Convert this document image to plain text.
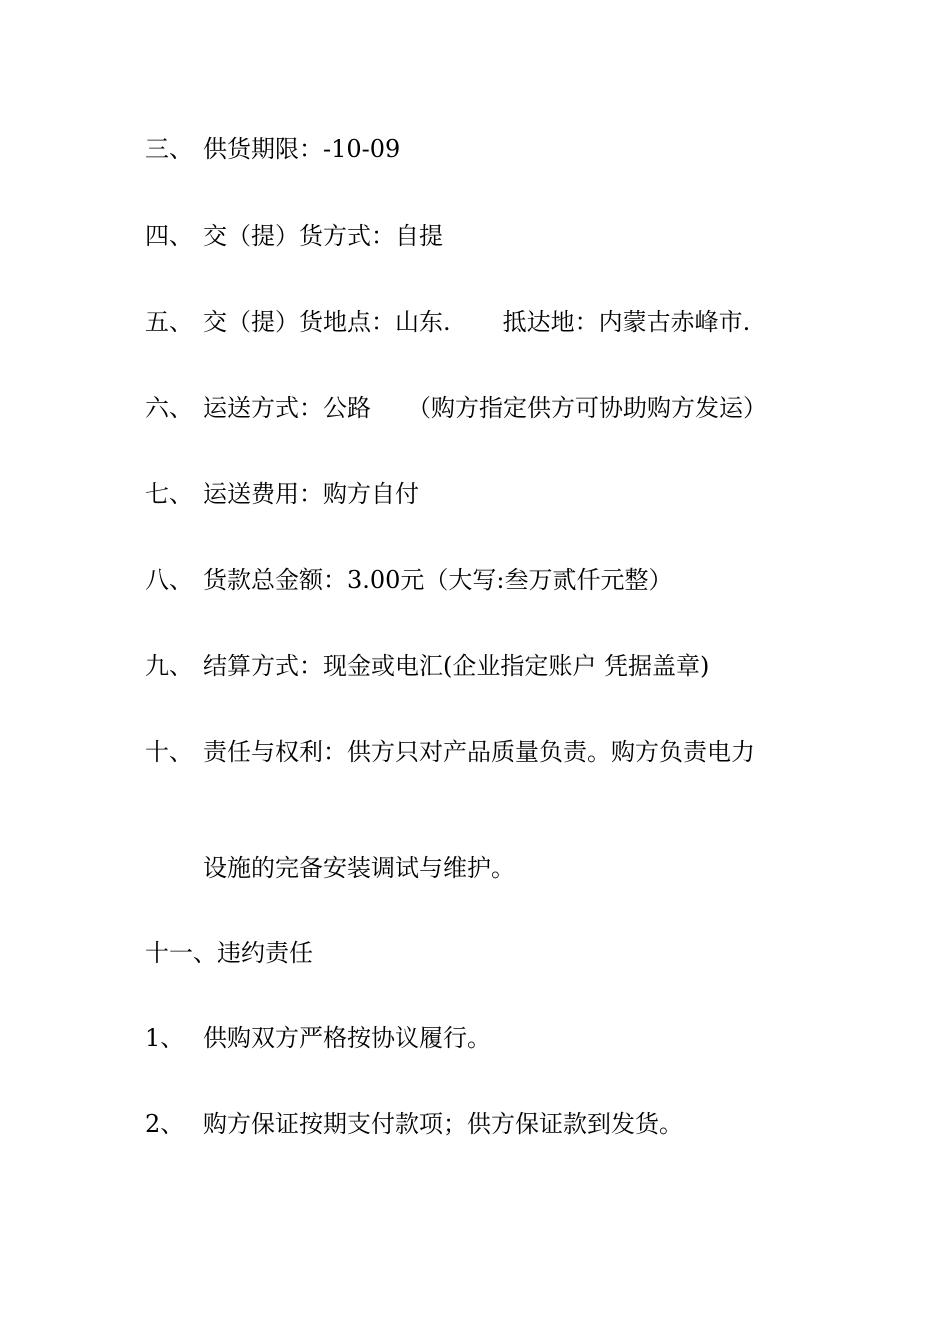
三、 供货期限：-10-09
四、 交（提）货方式：自提
五、 交（提）货地点：山东. 抵达地：内蒙古赤峰市.
六、 运送方式：公路 （购方指定供方可协助购方发运）
七、 运送费用：购方自付
八、 货款总金额：3.00元（大写:叁万贰仟元整）
九、 结算方式：现金或电汇(企业指定账户 凭据盖章)
十、 责任与权利：供方只对产品质量负责。购方负责电力
设施的完备安装调试与维护。
十一、违约责任
1、 供购双方严格按协议履行。
2、 购方保证按期支付款项；供方保证款到发货。
